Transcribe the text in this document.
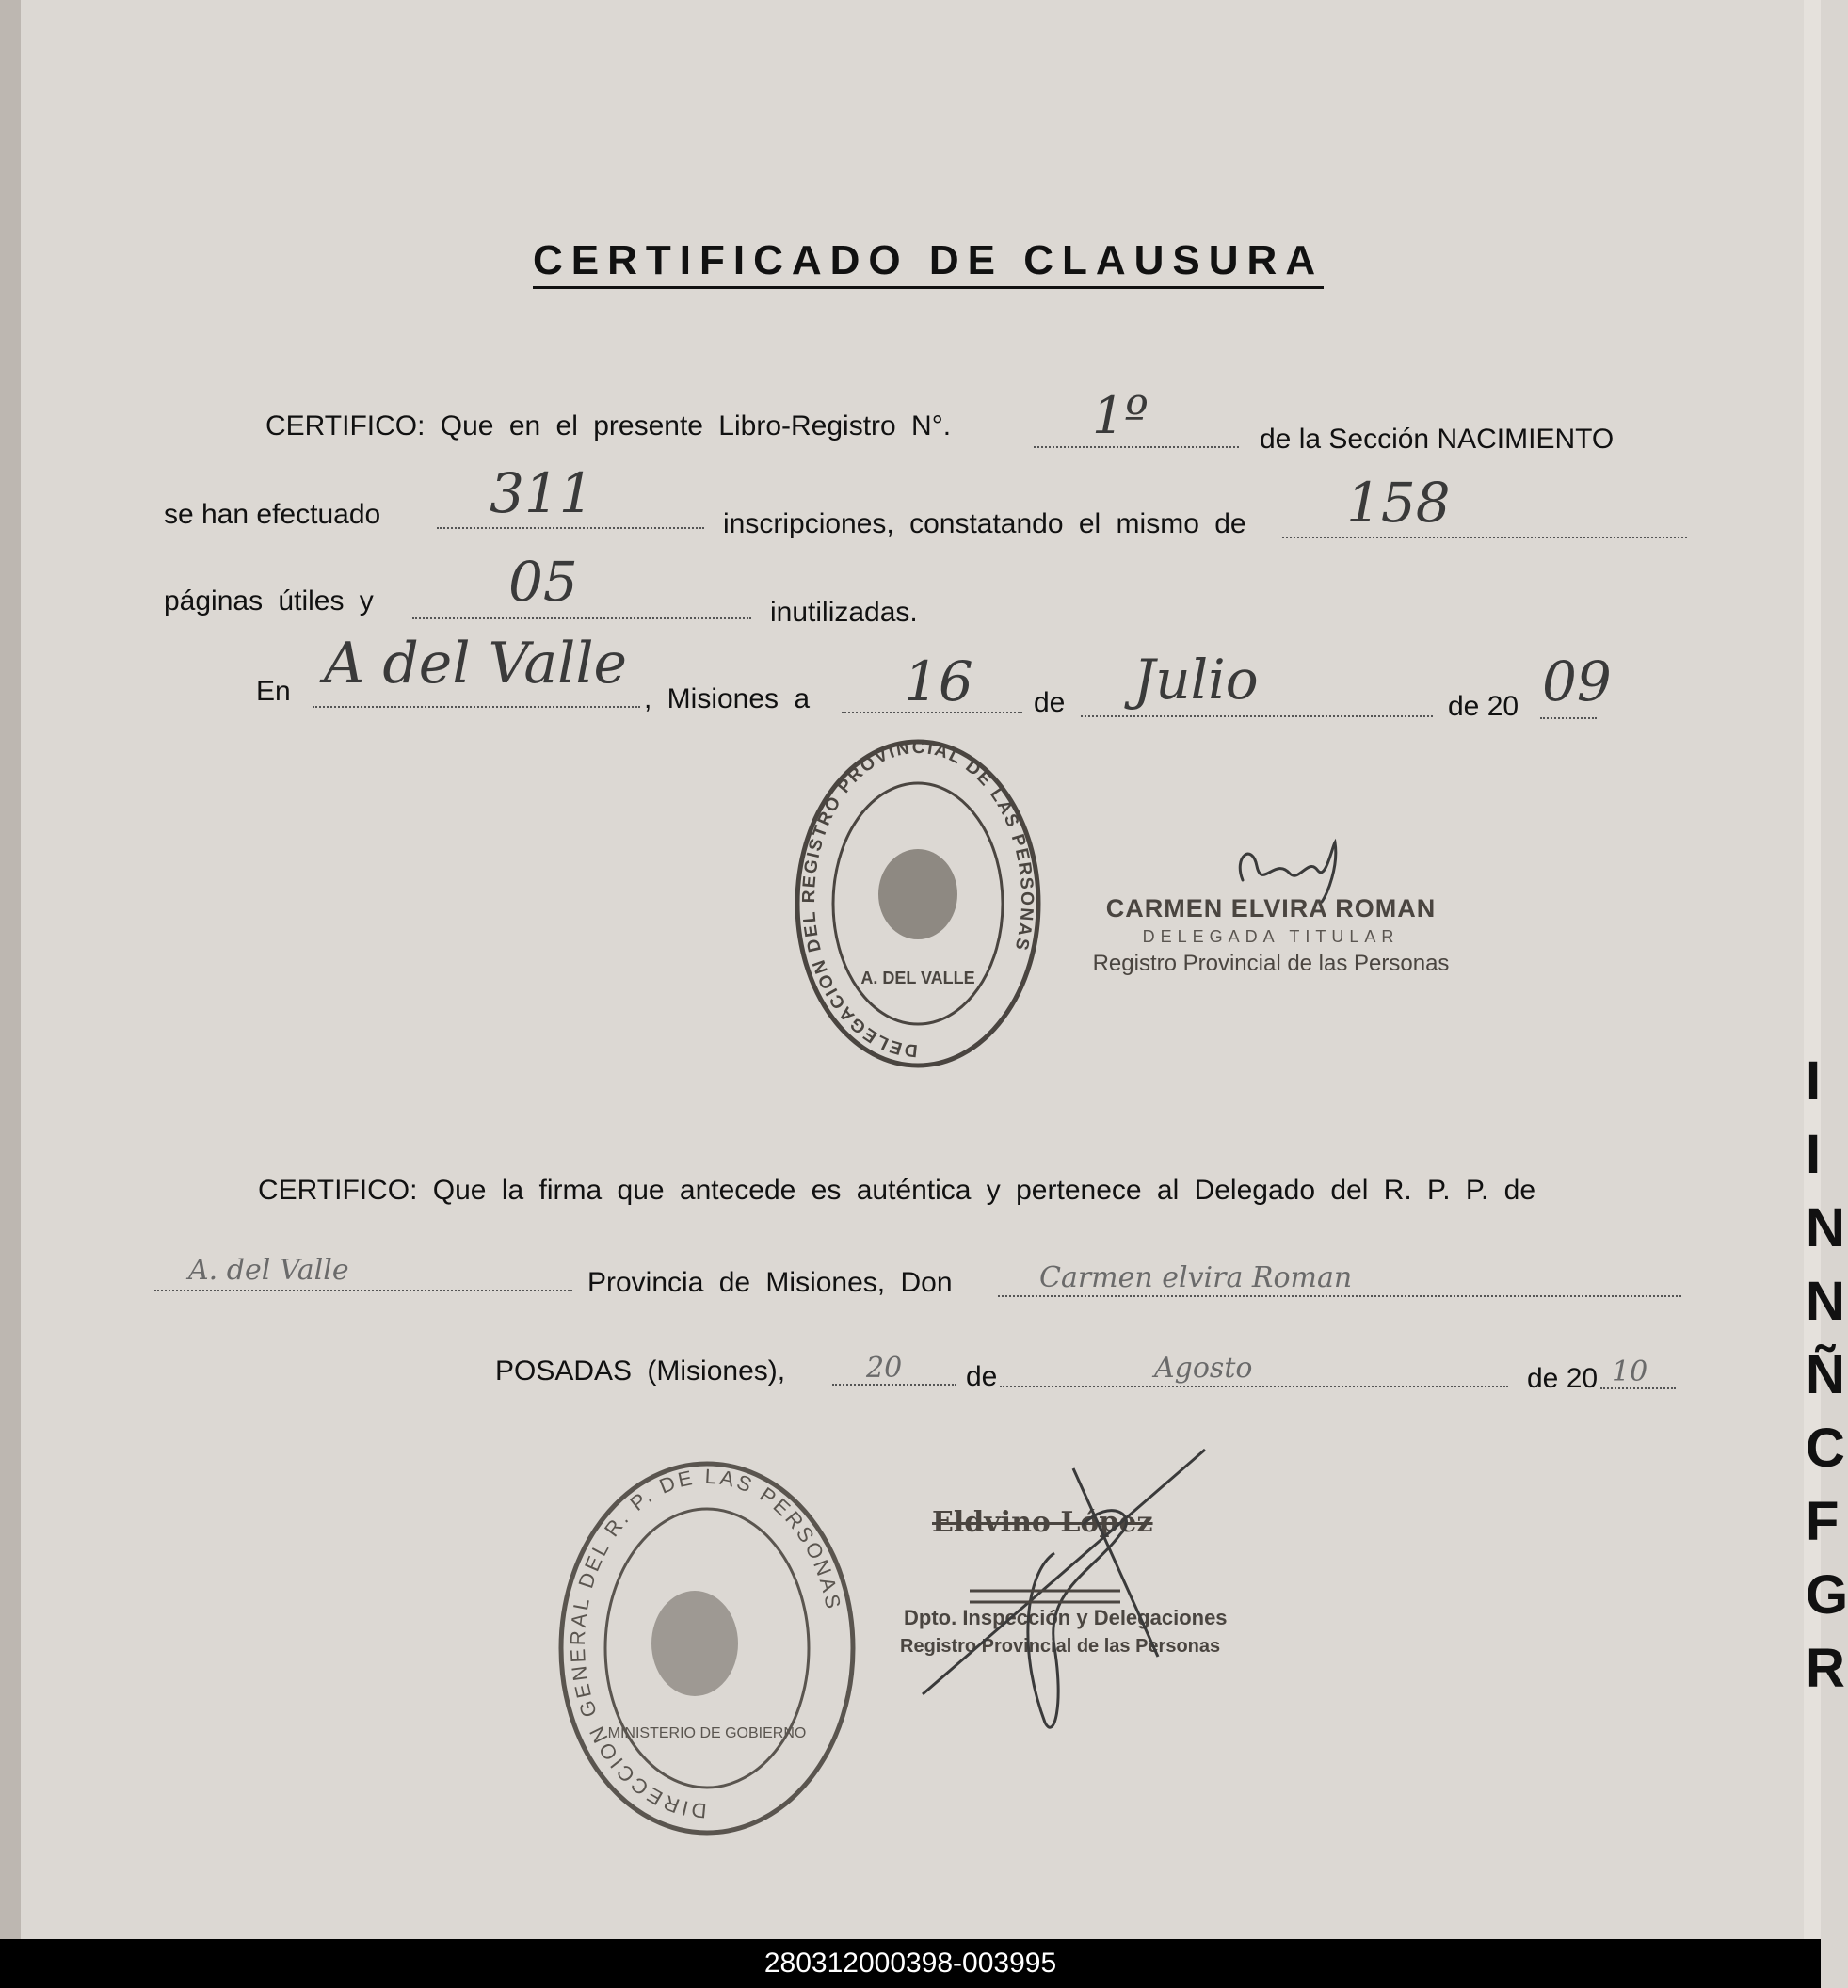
I
I
N
N
Ñ
C
F
G
R
CERTIFICADO DE CLAUSURA
CERTIFICO: Que en el presente Libro-Registro N°.	1º	de la Sección NACIMIENTO
se han efectuado 311	inscripciones, constatando el mismo de 158
páginas útiles y 05	inutilizadas.
En A del Valle
, Misiones a 16 de Julio	de 20 09
DELEGACION DEL REGISTRO PROVINCIAL DE LAS PERSONAS
A. DEL VALLE
CARMEN ELVIRA ROMAN
DELEGADA TITULAR
Registro Provincial de las Personas
CERTIFICO: Que la firma que antecede es auténtica y pertenece al Delegado del R. P. P. de
A. del Valle	Provincia de Misiones, Don	Carmen elvira Roman
POSADAS (Misiones),	20 de	Agosto	de 20 10
DIRECCION GENERAL DEL R. P. DE LAS PERSONAS
MINISTERIO DE GOBIERNO
Eldvino López
Dpto. Inspección y Delegaciones
Registro Provincial de las Personas
280312000398-003995
